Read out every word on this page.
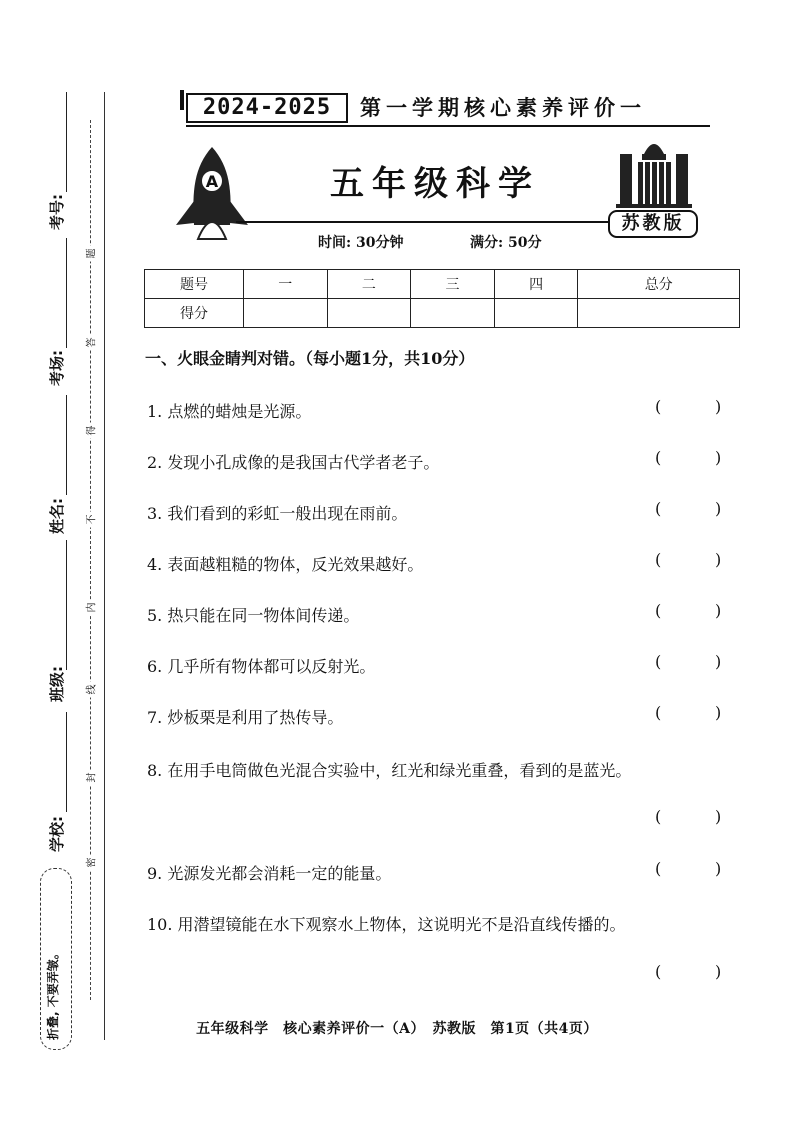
考号:
考场:
姓名:
班级:
学校:
题
答
得
不
内
线
封
密
折叠, 不要弄皱。
2024-2025	第一学期核心素养评价一
A	五年级科学
苏教版
时间: 30分钟	满分: 50分
题号	一	二	三	四	总分
得分					
一、火眼金睛判对错。（每小题1分，共10分）
1. 点燃的蜡烛是光源。
2. 发现小孔成像的是我国古代学者老子。
3. 我们看到的彩虹一般出现在雨前。
4. 表面越粗糙的物体，反光效果越好。
5. 热只能在同一物体间传递。
6. 几乎所有物体都可以反射光。
7. 炒板栗是利用了热传导。
8. 在用手电筒做色光混合实验中，红光和绿光重叠，看到的是蓝光。
9. 光源发光都会消耗一定的能量。
10. 用潜望镜能在水下观察水上物体，这说明光不是沿直线传播的。
(	)
(	)
(	)
(	)
(	)
(	)
(	)
(	)
(	)
(	)
五年级科学　核心素养评价一（A）　苏教版　第1页（共4页）
